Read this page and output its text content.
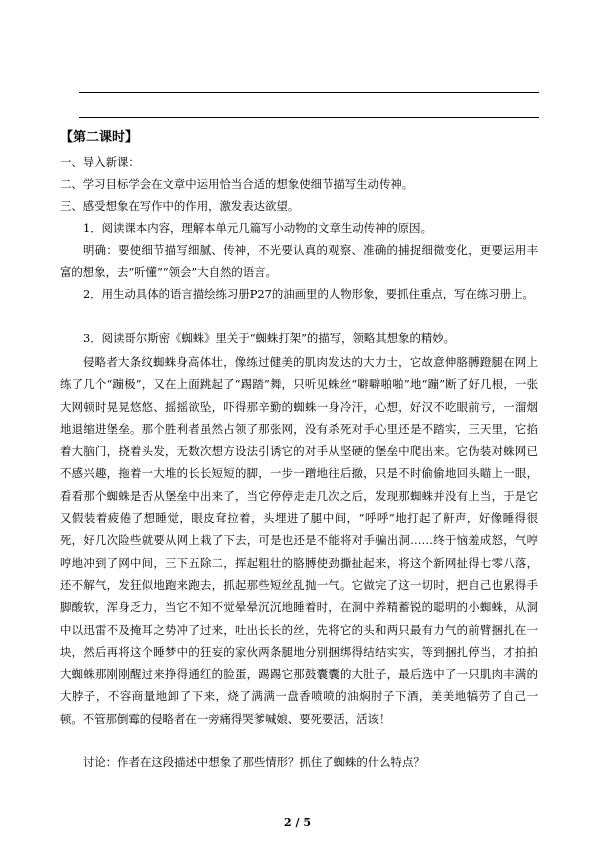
【第二课时】
一、导入新课：
二、学习目标学会在文章中运用恰当合适的想象使细节描写生动传神。
三、感受想象在写作中的作用，激发表达欲望。
1．阅读课本内容，理解本单元几篇写小动物的文章生动传神的原因。
明确：要使细节描写细腻、传神，不光要认真的观察、准确的捕捉细微变化，更要运用丰富的想象，去“听懂”“领会”大自然的语言。
2．用生动具体的语言描绘练习册P27的油画里的人物形象，要抓住重点，写在练习册上。
3．阅读哥尔斯密《蜘蛛》里关于“蜘蛛打架”的描写，领略其想象的精妙。
侵略者大条纹蜘蛛身高体壮，像练过健美的肌肉发达的大力士，它故意伸胳膊蹬腿在网上练了几个“蹦极”，又在上面跳起了“踢踏”舞，只听见蛛丝“噼噼啪啪”地“蹦”断了好几根，一张大网顿时晃晃悠悠、摇摇欲坠，吓得那辛勤的蜘蛛一身冷汗，心想，好汉不吃眼前亏，一溜烟地退缩进堡垒。那个胜利者虽然占领了那张网，没有杀死对手心里还是不踏实，三天里，它掐着大脑门，挠着头发，无数次想方设法引诱它的对手从坚硬的堡垒中爬出来。它伪装对蛛网已不感兴趣，拖着一大堆的长长短短的脚，一步一蹭地往后撤，只是不时偷偷地回头瞄上一眼，看看那个蜘蛛是否从堡垒中出来了，当它停停走走几次之后，发现那蜘蛛并没有上当，于是它又假装着疲倦了想睡觉，眼皮耷拉着，头埋进了腿中间，“呼呼”地打起了鼾声，好像睡得很死，好几次险些就要从网上栽了下去，可是也还是不能将对手骗出洞……终于恼羞成怒，气哼哼地冲到了网中间，三下五除二，挥起粗壮的胳膊使劲撕扯起来，将这个新网扯得七零八落，还不解气，发狂似地跑来跑去，抓起那些短丝乱抛一气。它做完了这一切时，把自己也累得手脚酸软，浑身乏力，当它不知不觉晕晕沉沉地睡着时，在洞中养精蓄锐的聪明的小蜘蛛，从洞中以迅雷不及掩耳之势冲了过来，吐出长长的丝，先将它的头和两只最有力气的前臂捆扎在一块，然后再将这个睡梦中的狂妄的家伙两条腿地分别捆绑得结结实实，等到捆扎停当，才拍拍大蜘蛛那刚刚醒过来挣得通红的脸蛋，踢踢它那鼓囊囊的大肚子，最后选中了一只肌肉丰满的大脖子，不容商量地卸了下来，烧了满满一盘香喷喷的油焖肘子下酒，美美地犒劳了自己一顿。不管那倒霉的侵略者在一旁痛得哭爹喊娘、要死要活，活该！
讨论：作者在这段描述中想象了那些情形？抓住了蜘蛛的什么特点？
2 / 5
